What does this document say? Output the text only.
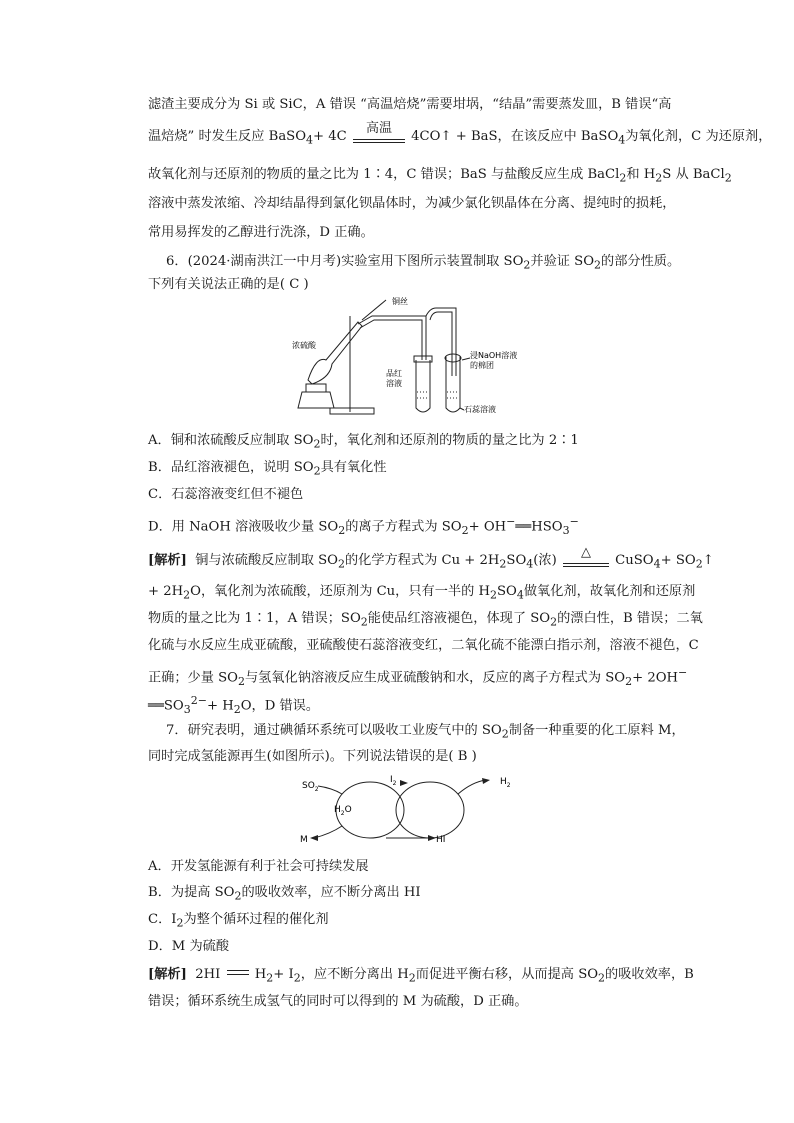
滤渣主要成分为 Si 或 SiC，A 错误 “高温焙烧”需要坩埚，“结晶”需要蒸发皿，B 错误“高
温焙烧” 时发生反应 BaSO$_4$+ 4C 高温
4CO↑ + BaS，在该反应中 BaSO$_4$为氧化剂，C 为还原剂，
故氧化剂与还原剂的物质的量之比为 1∶4，C 错误；BaS 与盐酸反应生成 BaCl$_2$和 $H_2S$ 从 BaCl$_2$
溶液中蒸发浓缩、冷却结晶得到氯化钡晶体时，为减少氯化钡晶体在分离、提纯时的损耗，
常用易挥发的乙醇进行洗涤，D 正确。
6．(2024·湖南洪江一中月考)实验室用下图所示装置制取 $SO_2$并验证 $SO_2$的部分性质。
下列有关说法正确的是( C )
铜丝
浓硫酸
浸NaOH溶液
的棉团
品红
溶液
石蕊溶液
A．铜和浓硫酸反应制取 $SO_2$时，氧化剂和还原剂的物质的量之比为 2∶1
B．品红溶液褪色，说明 $SO_2$具有氧化性
C．石蕊溶液变红但不褪色
D．用 NaOH 溶液吸收少量 $SO_2$的离子方程式为 $SO_2+$ $OH^-══HSO_3^-$
[解析] 铜与浓硫酸反应制取 $SO_2$的化学方程式为 $Cu + 2H_2SO_4$(浓) △
CuSO$_4$+ $SO_2↑$
+ $2H_2O$，氧化剂为浓硫酸，还原剂为 Cu，只有一半的 $H_2SO_4$做氧化剂，故氧化剂和还原剂
物质的量之比为 1∶1，A 错误；$SO_2$能使品红溶液褪色，体现了 $SO_2$的漂白性，B 错误；二氧
化硫与水反应生成亚硫酸，亚硫酸使石蕊溶液变红，二氧化硫不能漂白指示剂，溶液不褪色，C
正确；少量 $SO_2$与氢氧化钠溶液反应生成亚硫酸钠和水，反应的离子方程式为 $SO_2+ 2OH^-$
$══SO_3^{2-}+ H_2O$，D 错误。
7．研究表明，通过碘循环系统可以吸收工业废气中的 $SO_2$制备一种重要的化工原料 M，
同时完成氢能源再生(如图所示)。下列说法错误的是( B )
$SO_2$
$I_2$	$H_2$
$H_2O$
M	HI
A．开发氢能源有利于社会可持续发展
B．为提高 $SO_2$的吸收效率，应不断分离出 HI
C．$I_2$为整个循环过程的催化剂
D．M 为硫酸
[解析] 2HI	$H_2+ I_2$，应不断分离出 $H_2$而促进平衡右移，从而提高 $SO_2$的吸收效率，B
错误；循环系统生成氢气的同时可以得到的 M 为硫酸，D 正确。
